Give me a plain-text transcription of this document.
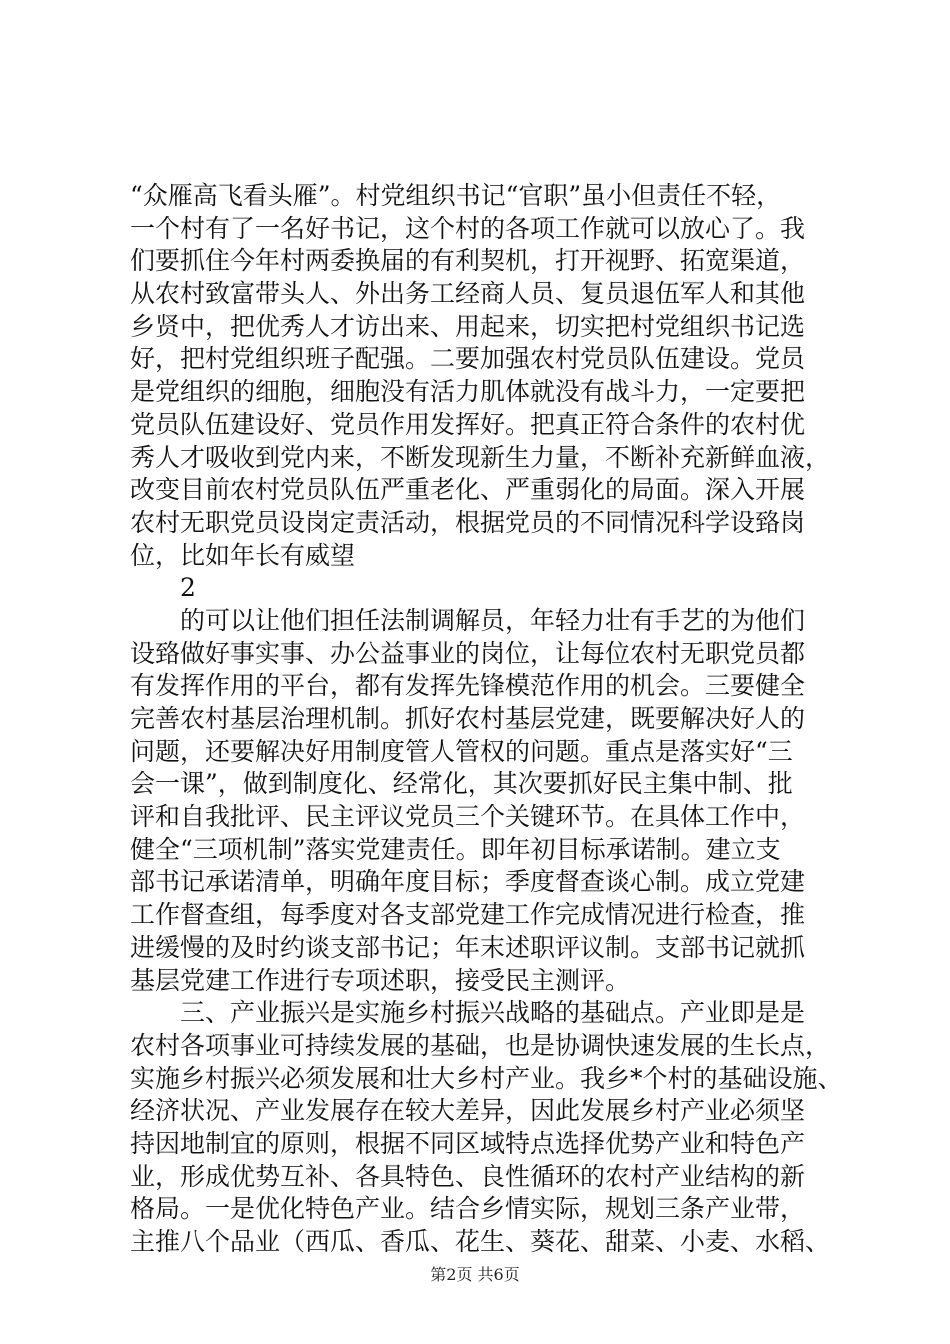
“众雁高飞看头雁”。村党组织书记“官职”虽小但责任不轻，
一个村有了一名好书记，这个村的各项工作就可以放心了。我
们要抓住今年村两委换届的有利契机，打开视野、拓宽渠道，
从农村致富带头人、外出务工经商人员、复员退伍军人和其他
乡贤中，把优秀人才访出来、用起来，切实把村党组织书记选
好，把村党组织班子配强。二要加强农村党员队伍建设。党员
是党组织的细胞，细胞没有活力肌体就没有战斗力，一定要把
党员队伍建设好、党员作用发挥好。把真正符合条件的农村优
秀人才吸收到党内来，不断发现新生力量，不断补充新鲜血液，
改变目前农村党员队伍严重老化、严重弱化的局面。深入开展
农村无职党员设岗定责活动，根据党员的不同情况科学设臵岗
位，比如年长有威望
2
的可以让他们担任法制调解员，年轻力壮有手艺的为他们
设臵做好事实事、办公益事业的岗位，让每位农村无职党员都
有发挥作用的平台，都有发挥先锋模范作用的机会。三要健全
完善农村基层治理机制。抓好农村基层党建，既要解决好人的
问题，还要解决好用制度管人管权的问题。重点是落实好“三
会一课”，做到制度化、经常化，其次要抓好民主集中制、批
评和自我批评、民主评议党员三个关键环节。在具体工作中，
健全“三项机制”落实党建责任。即年初目标承诺制。建立支
部书记承诺清单，明确年度目标；季度督查谈心制。成立党建
工作督查组，每季度对各支部党建工作完成情况进行检查，推
进缓慢的及时约谈支部书记；年末述职评议制。支部书记就抓
基层党建工作进行专项述职，接受民主测评。
三、产业振兴是实施乡村振兴战略的基础点。产业即是是
农村各项事业可持续发展的基础，也是协调快速发展的生长点，
实施乡村振兴必须发展和壮大乡村产业。我乡*个村的基础设施、
经济状况、产业发展存在较大差异，因此发展乡村产业必须坚
持因地制宜的原则，根据不同区域特点选择优势产业和特色产
业，形成优势互补、各具特色、良性循环的农村产业结构的新
格局。一是优化特色产业。结合乡情实际，规划三条产业带，
主推八个品业（西瓜、香瓜、花生、葵花、甜菜、小麦、水稻、
第2页 共6页
